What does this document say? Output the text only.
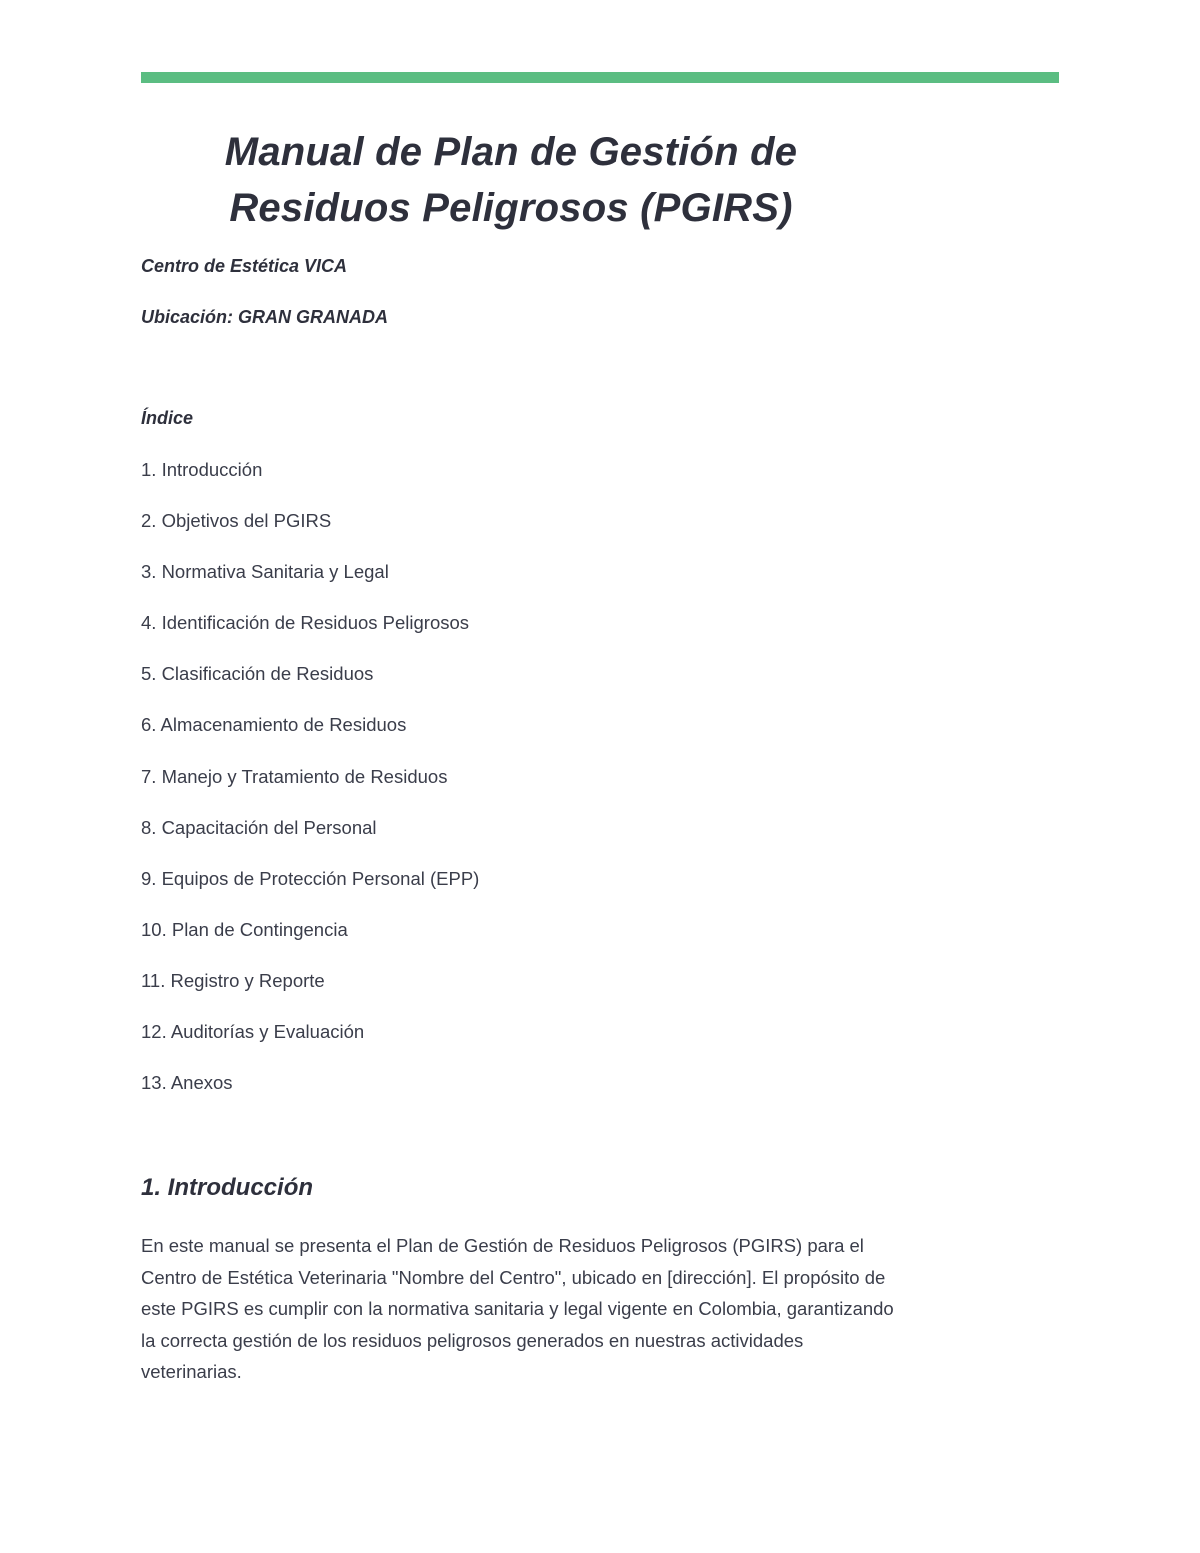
Manual de Plan de Gestión de
Residuos Peligrosos (PGIRS)

Centro de Estética VICA

Ubicación: GRAN GRANADA

Índice

1. Introducción
2. Objetivos del PGIRS
3. Normativa Sanitaria y Legal
4. Identificación de Residuos Peligrosos
5. Clasificación de Residuos
6. Almacenamiento de Residuos
7. Manejo y Tratamiento de Residuos
8. Capacitación del Personal
9. Equipos de Protección Personal (EPP)
10. Plan de Contingencia
11. Registro y Reporte
12. Auditorías y Evaluación
13. Anexos
1. Introducción

En este manual se presenta el Plan de Gestión de Residuos Peligrosos (PGIRS) para el Centro de Estética Veterinaria "Nombre del Centro", ubicado en [dirección]. El propósito de este PGIRS es cumplir con la normativa sanitaria y legal vigente en Colombia, garantizando la correcta gestión de los residuos peligrosos generados en nuestras actividades veterinarias.
